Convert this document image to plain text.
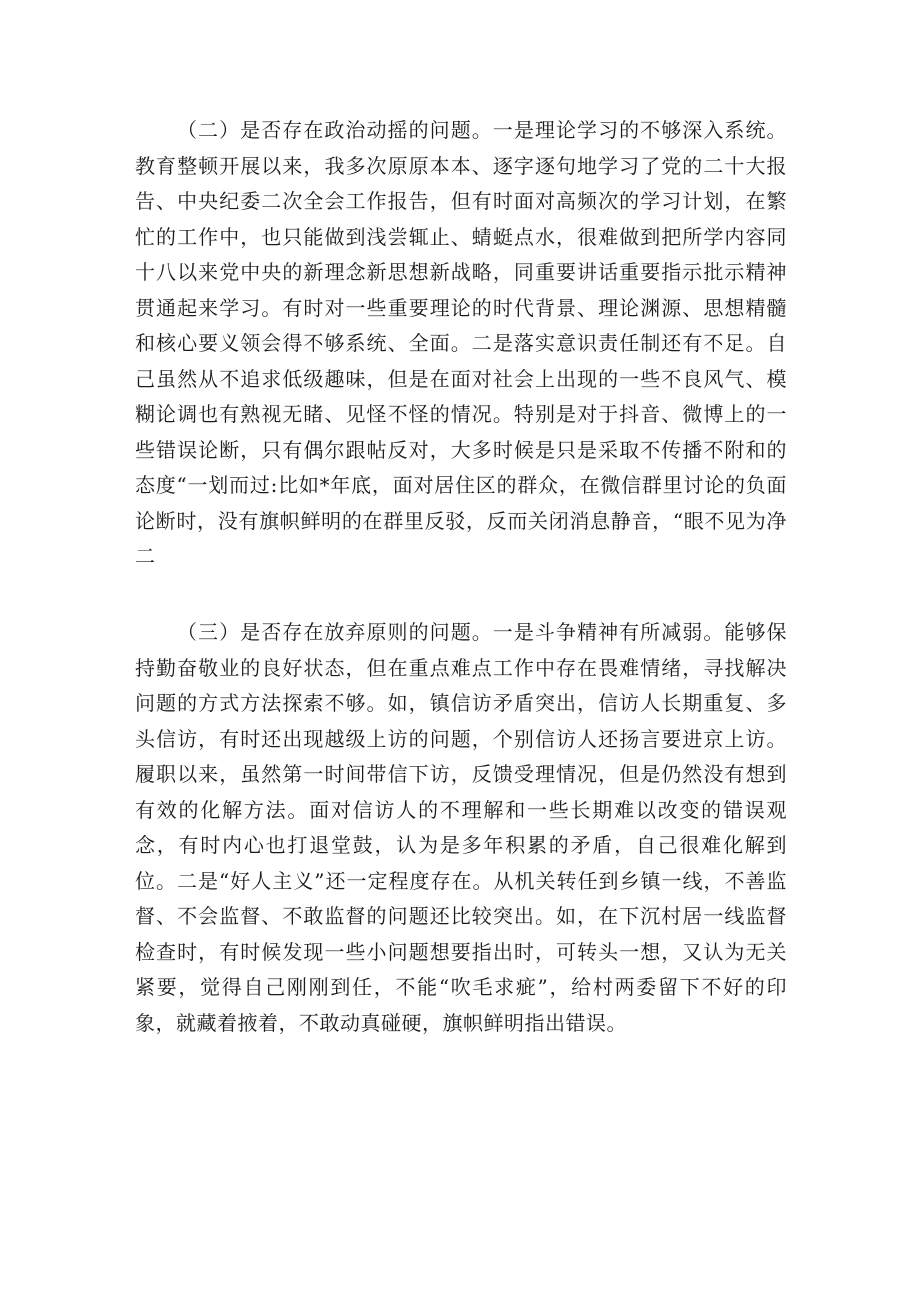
（二）是否存在政治动摇的问题。一是理论学习的不够深入系统。教育整顿开展以来，我多次原原本本、逐字逐句地学习了党的二十大报告、中央纪委二次全会工作报告，但有时面对高频次的学习计划，在繁忙的工作中，也只能做到浅尝辄止、蜻蜓点水，很难做到把所学内容同十八以来党中央的新理念新思想新战略，同重要讲话重要指示批示精神贯通起来学习。有时对一些重要理论的时代背景、理论渊源、思想精髓和核心要义领会得不够系统、全面。二是落实意识责任制还有不足。自己虽然从不追求低级趣味，但是在面对社会上出现的一些不良风气、模糊论调也有熟视无睹、见怪不怪的情况。特别是对于抖音、微博上的一些错误论断，只有偶尔跟帖反对，大多时候是只是采取不传播不附和的态度“一划而过:比如*年底，面对居住区的群众，在微信群里讨论的负面论断时，没有旗帜鲜明的在群里反驳，反而关闭消息静音，“眼不见为净二

（三）是否存在放弃原则的问题。一是斗争精神有所减弱。能够保持勤奋敬业的良好状态，但在重点难点工作中存在畏难情绪，寻找解决问题的方式方法探索不够。如，镇信访矛盾突出，信访人长期重复、多头信访，有时还出现越级上访的问题，个别信访人还扬言要进京上访。履职以来，虽然第一时间带信下访，反馈受理情况，但是仍然没有想到有效的化解方法。面对信访人的不理解和一些长期难以改变的错误观念，有时内心也打退堂鼓，认为是多年积累的矛盾，自己很难化解到位。二是“好人主义”还一定程度存在。从机关转任到乡镇一线，不善监督、不会监督、不敢监督的问题还比较突出。如，在下沉村居一线监督检查时，有时候发现一些小问题想要指出时，可转头一想，又认为无关紧要，觉得自己刚刚到任，不能“吹毛求疵”，给村两委留下不好的印象，就藏着掖着，不敢动真碰硬，旗帜鲜明指出错误。
